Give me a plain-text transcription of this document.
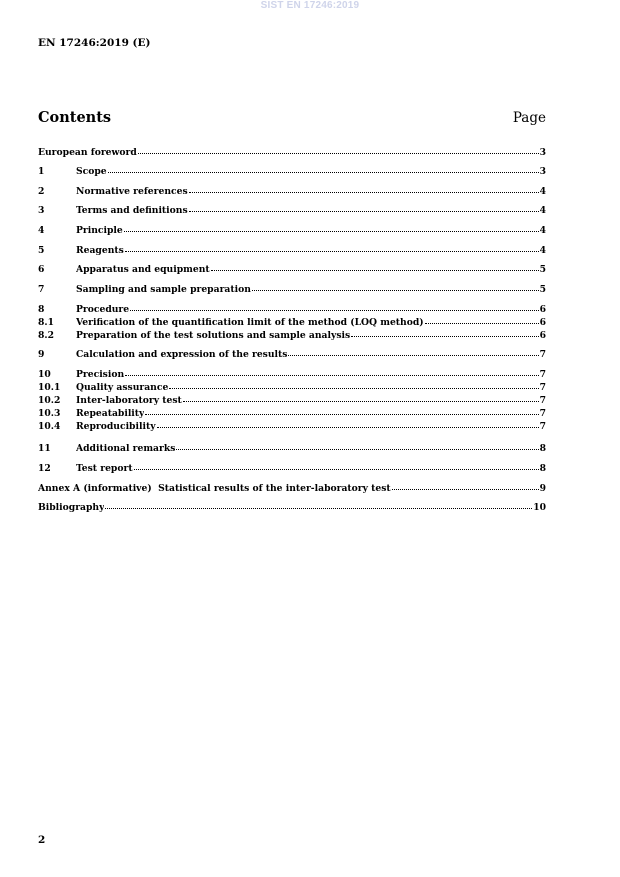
SIST EN 17246:2019
EN 17246:2019 (E)
Contents	Page
European foreword	3
1	Scope	3
2	Normative references	4
3	Terms and definitions	4
4	Principle	4
5	Reagents	4
6	Apparatus and equipment	5
7	Sampling and sample preparation	5
8	Procedure	6
8.1	Verification of the quantification limit of the method (LOQ method)	6
8.2	Preparation of the test solutions and sample analysis	6
9	Calculation and expression of the results	7
10	Precision	7
10.1	Quality assurance	7
10.2	Inter-laboratory test	7
10.3	Repeatability	7
10.4	Reproducibility	7
11	Additional remarks	8
12	Test report	8
Annex A (informative)  Statistical results of the inter-laboratory test	9
Bibliography	10
2
